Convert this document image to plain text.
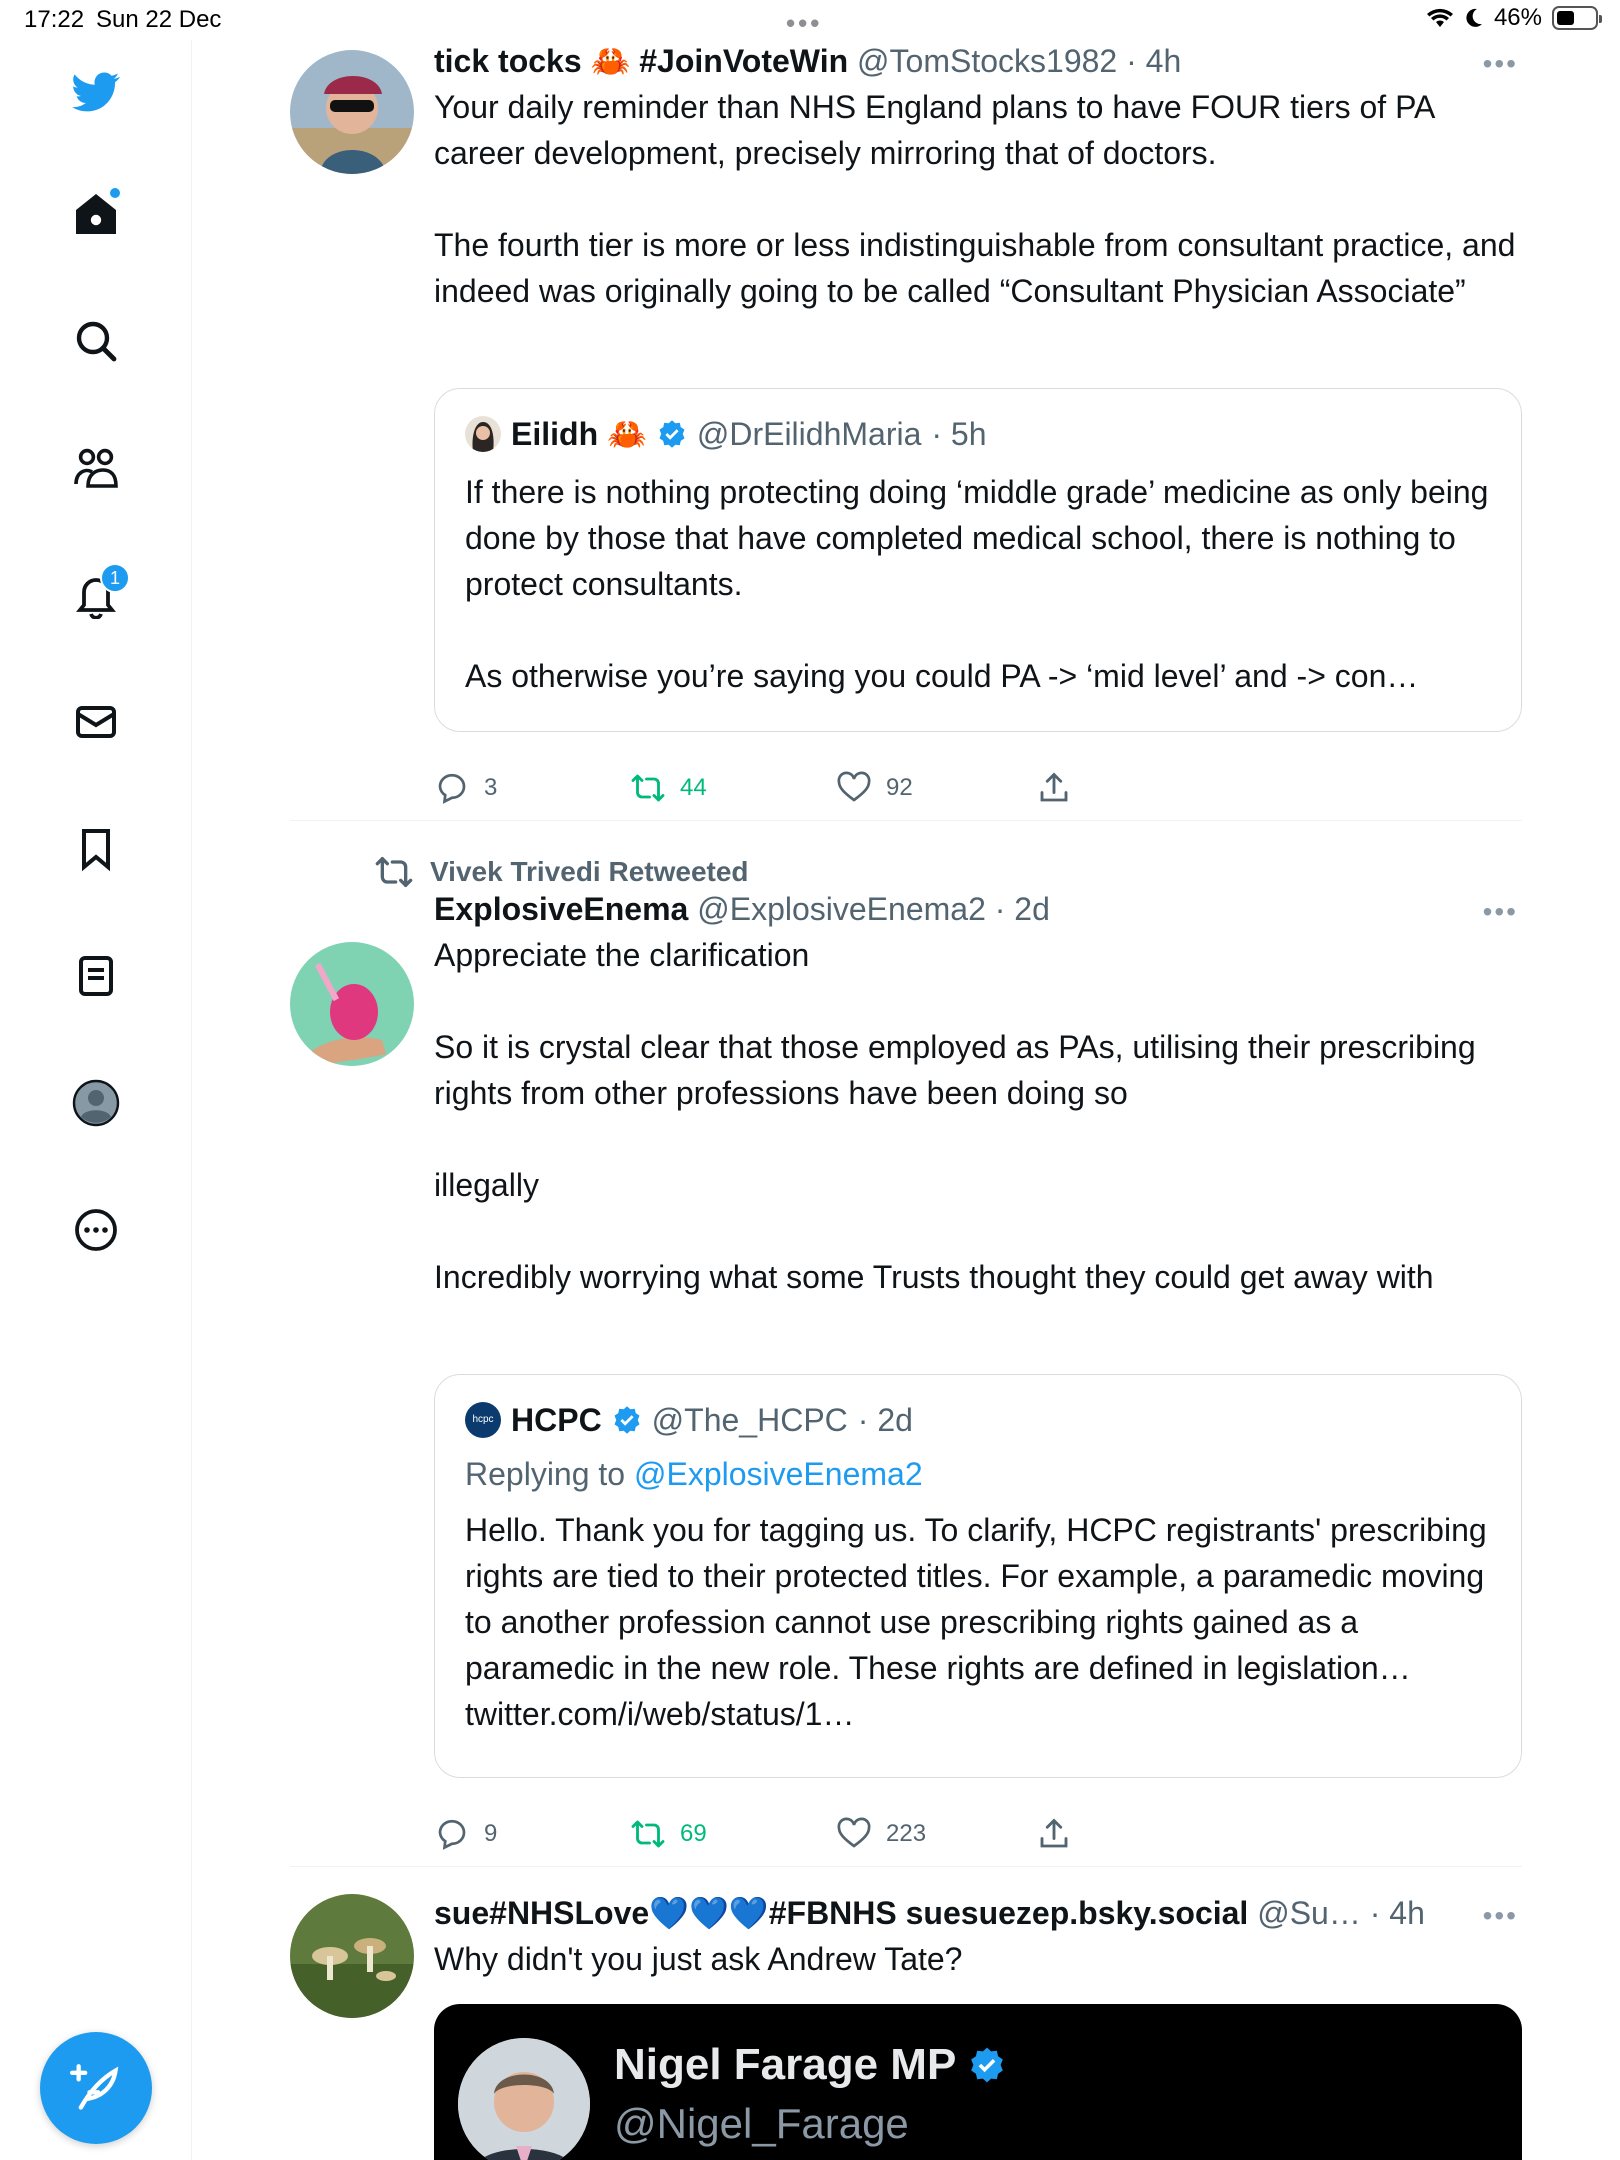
17:22 Sun 22 Dec	•••	46%
1
tick tocks 🦀 #JoinVoteWin @TomStocks1982 · 4h	•••
Your daily reminder than NHS England plans to have FOUR tiers of PA career development, precisely mirroring that of doctors.

The fourth tier is more or less indistinguishable from consultant practice, and indeed was originally going to be called “Consultant Physician Associate”
Eilidh 🦀 @DrEilidhMaria · 5h
If there is nothing protecting doing ‘middle grade’ medicine as only being done by those that have completed medical school, there is nothing to protect consultants.

As otherwise you’re saying you could PA -> ‘mid level’ and -> con…
3	44	92
Vivek Trivedi Retweeted
ExplosiveEnema @ExplosiveEnema2 · 2d	•••
Appreciate the clarification

So it is crystal clear that those employed as PAs, utilising their prescribing rights from other professions have been doing so

illegally

Incredibly worrying what some Trusts thought they could get away with
hcpc HCPC @The_HCPC · 2d
Replying to @ExplosiveEnema2
Hello. Thank you for tagging us. To clarify, HCPC registrants' prescribing rights are tied to their protected titles. For example, a paramedic moving to another profession cannot use prescribing rights gained as a paramedic in the new role. These rights are defined in legislation… twitter.com/i/web/status/1…
9	69	223
sue#NHSLove💙💙💙#FBNHS suesuezep.bsky.social @Su… · 4h	•••
Why didn't you just ask Andrew Tate?
Nigel Farage MP
@Nigel_Farage
